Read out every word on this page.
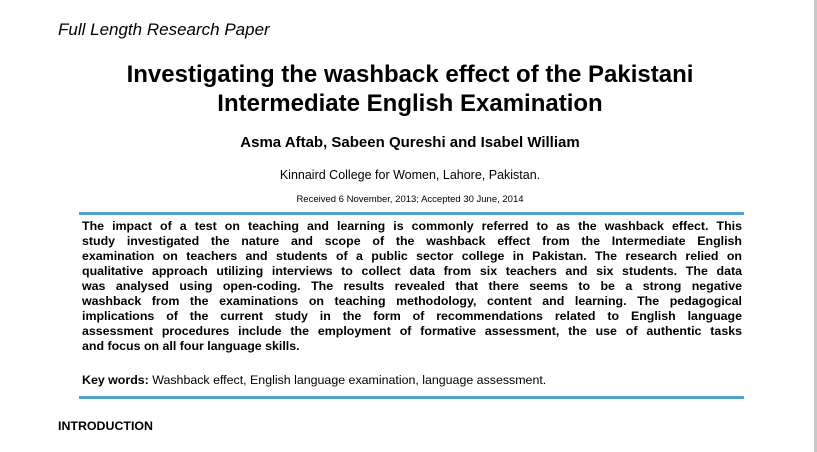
Full Length Research Paper
Investigating the washback effect of the Pakistani
Intermediate English Examination
Asma Aftab, Sabeen Qureshi and Isabel William
Kinnaird College for Women, Lahore, Pakistan.
Received 6 November, 2013; Accepted 30 June, 2014
The impact of a test on teaching and learning is commonly referred to as the washback effect. This
study investigated the nature and scope of the washback effect from the Intermediate English
examination on teachers and students of a public sector college in Pakistan. The research relied on
qualitative approach utilizing interviews to collect data from six teachers and six students. The data
was analysed using open-coding. The results revealed that there seems to be a strong negative
washback from the examinations on teaching methodology, content and learning. The pedagogical
implications of the current study in the form of recommendations related to English language
assessment procedures include the employment of formative assessment, the use of authentic tasks
and focus on all four language skills.
Key words: Washback effect, English language examination, language assessment.
INTRODUCTION
